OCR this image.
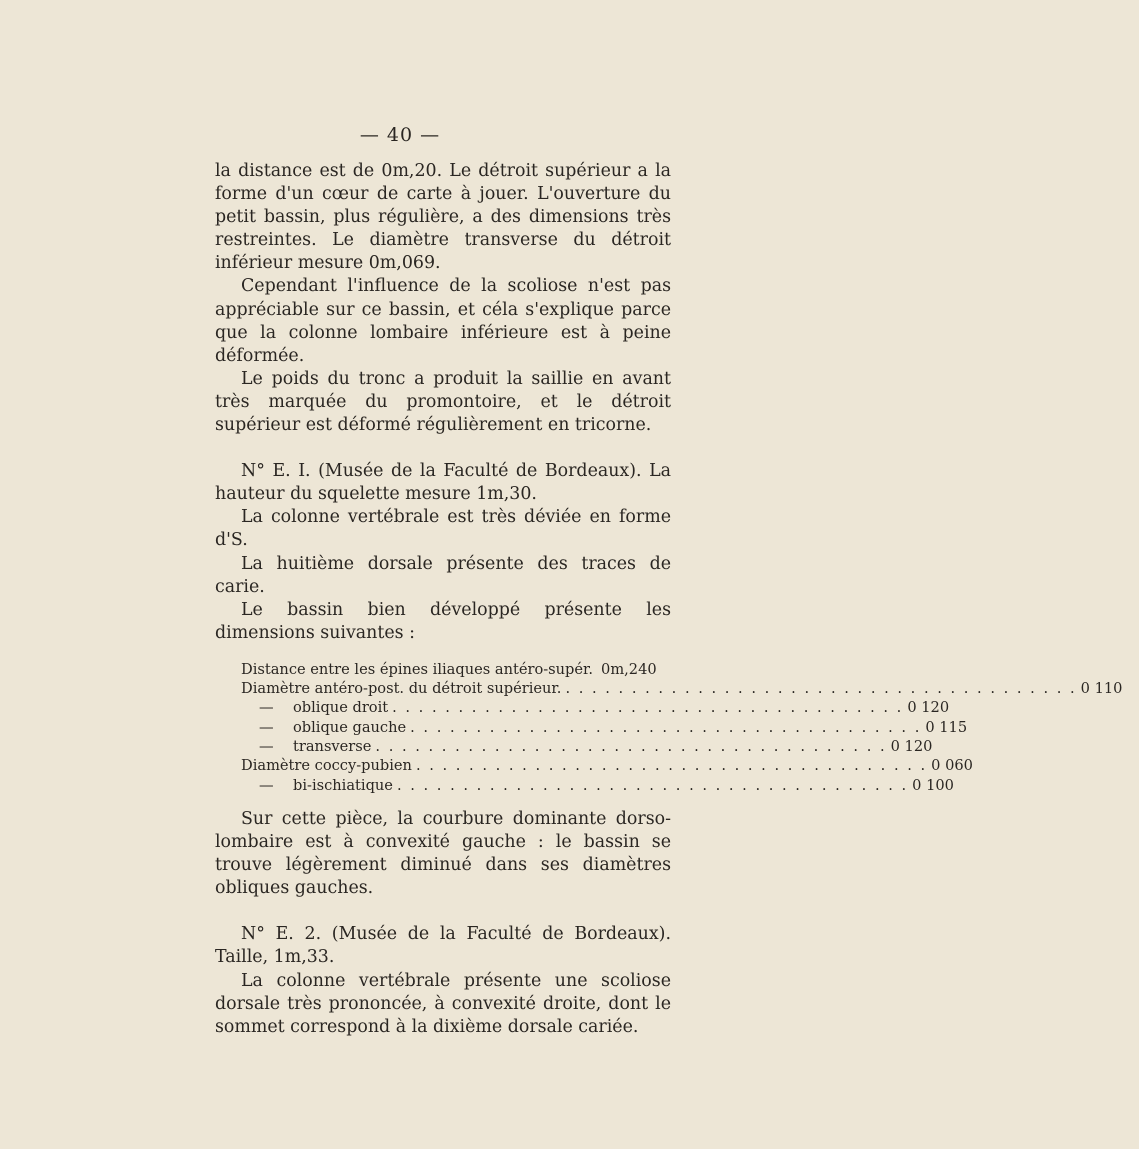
— 40 —

la distance est de 0m,20. Le détroit supérieur a la forme d'un cœur de carte à jouer. L'ouverture du petit bassin, plus régulière, a des dimensions très restreintes. Le diamètre transverse du détroit inférieur mesure 0m,069.

Cependant l'influence de la scoliose n'est pas appréciable sur ce bassin, et céla s'explique parce que la colonne lombaire inférieure est à peine déformée.

Le poids du tronc a produit la saillie en avant très marquée du promontoire, et le détroit supérieur est déformé régulièrement en tricorne.

N° E. I. (Musée de la Faculté de Bordeaux). La hauteur du squelette mesure 1m,30.

La colonne vertébrale est très déviée en forme d'S.

La huitième dorsale présente des traces de carie.

Le bassin bien développé présente les dimensions suivantes :

Distance entre les épines iliaques antéro-supér. 0m,240
Diamètre antéro-post. du détroit supérieur. . . .	0 110
— oblique droit . . .	0 120
— oblique gauche . . .	0 115
— transverse . . .	0 120
Diamètre coccy-pubien . . .	0 060
— bi-ischiatique . . .	0 100

Sur cette pièce, la courbure dominante dorso-lombaire est à convexité gauche : le bassin se trouve légèrement diminué dans ses diamètres obliques gauches.

N° E. 2. (Musée de la Faculté de Bordeaux). Taille, 1m,33.

La colonne vertébrale présente une scoliose dorsale très prononcée, à convexité droite, dont le sommet correspond à la dixième dorsale cariée.
